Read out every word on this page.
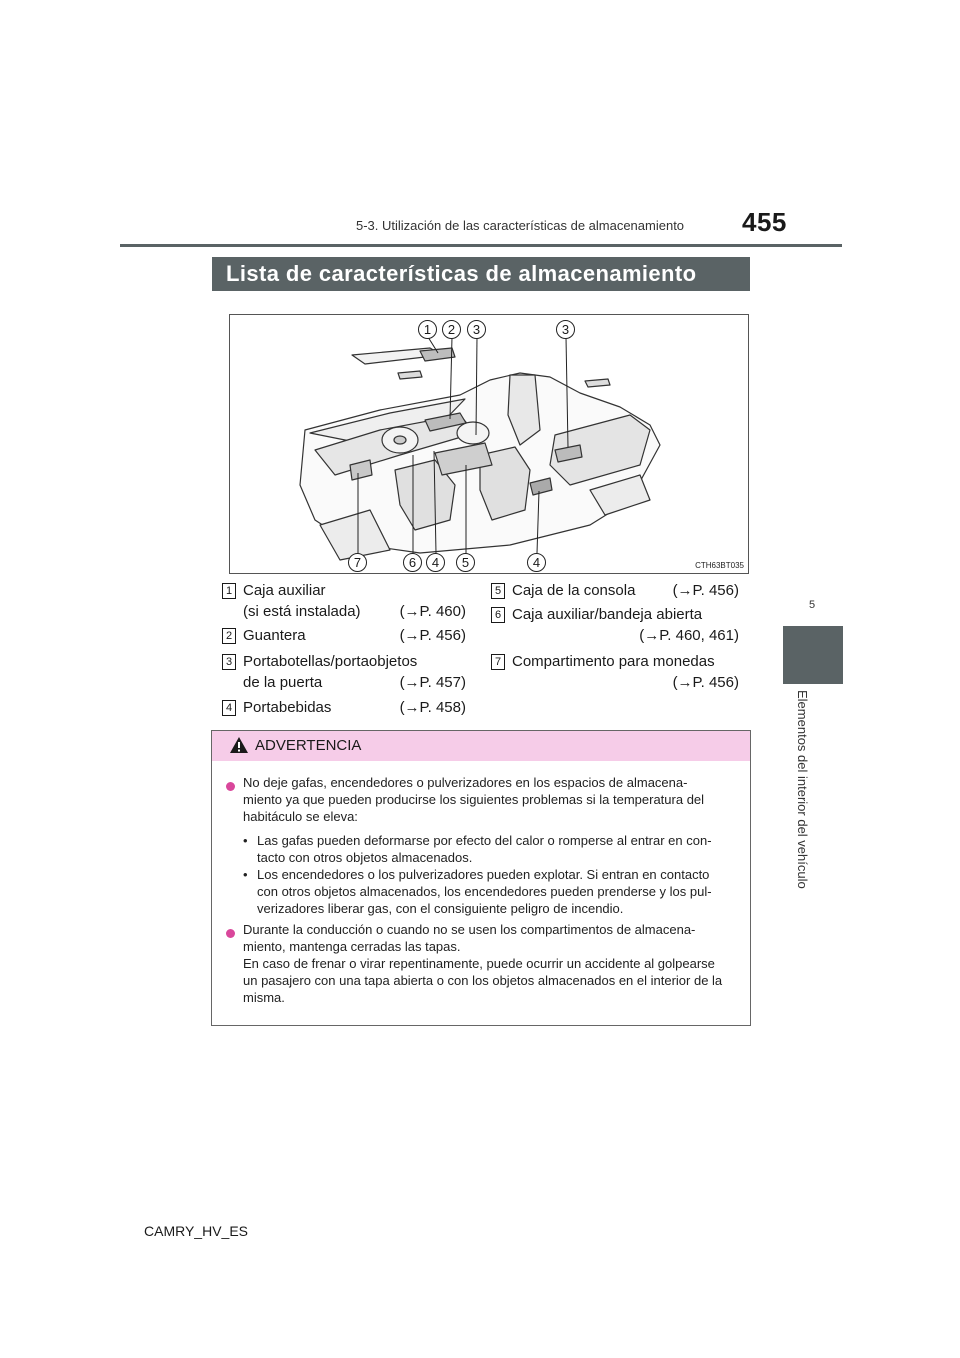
5-3. Utilización de las características de almacenamiento 455
5
Elementos del interior del vehículo
Lista de características de almacenamiento
1	2	3	3
7	6	4	5	4	CTH63BT035
1 Caja auxiliar
(si está instalada)	(→P. 460)
2 Guantera	(→P. 456)
3 Portabotellas/portaobjetos
de la puerta	(→P. 457)
4 Portabebidas	(→P. 458)
5 Caja de la consola (→P. 456)
6 Caja auxiliar/bandeja abierta
(→P. 460, 461)
7 Compartimento para monedas
(→P. 456)
ADVERTENCIA
No deje gafas, encendedores o pulverizadores en los espacios de almacena-
miento ya que pueden producirse los siguientes problemas si la temperatura del
habitáculo se eleva:
• Las gafas pueden deformarse por efecto del calor o romperse al entrar en con-
tacto con otros objetos almacenados.
• Los encendedores o los pulverizadores pueden explotar. Si entran en contacto
con otros objetos almacenados, los encendedores pueden prenderse y los pul-
verizadores liberar gas, con el consiguiente peligro de incendio.
Durante la conducción o cuando no se usen los compartimentos de almacena-
miento, mantenga cerradas las tapas.
En caso de frenar o virar repentinamente, puede ocurrir un accidente al golpearse
un pasajero con una tapa abierta o con los objetos almacenados en el interior de la
misma.
CAMRY_HV_ES
